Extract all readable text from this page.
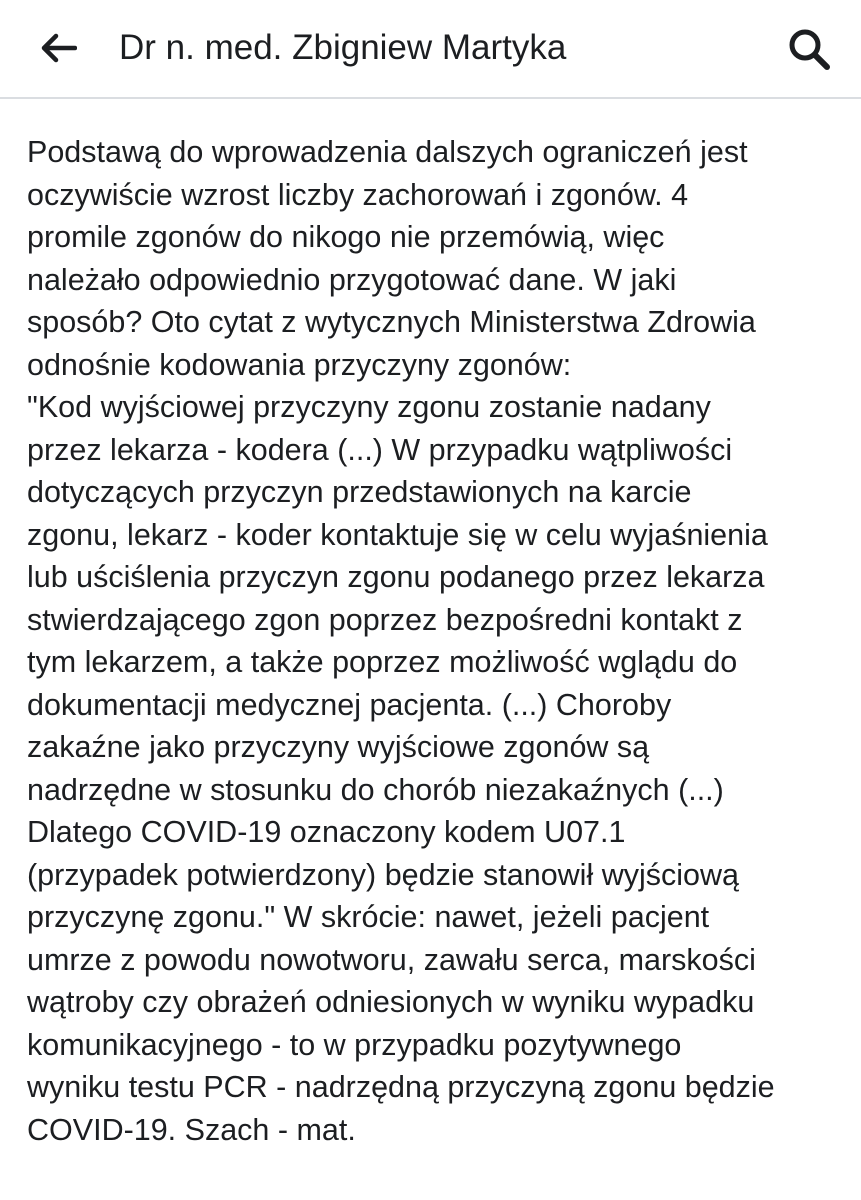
Dr n. med. Zbigniew Martyka
Podstawą do wprowadzenia dalszych ograniczeń jest
oczywiście wzrost liczby zachorowań i zgonów. 4
promile zgonów do nikogo nie przemówią, więc
należało odpowiednio przygotować dane. W jaki
sposób? Oto cytat z wytycznych Ministerstwa Zdrowia
odnośnie kodowania przyczyny zgonów:
"Kod wyjściowej przyczyny zgonu zostanie nadany
przez lekarza - kodera (...) W przypadku wątpliwości
dotyczących przyczyn przedstawionych na karcie
zgonu, lekarz - koder kontaktuje się w celu wyjaśnienia
lub uściślenia przyczyn zgonu podanego przez lekarza
stwierdzającego zgon poprzez bezpośredni kontakt z
tym lekarzem, a także poprzez możliwość wglądu do
dokumentacji medycznej pacjenta. (...) Choroby
zakaźne jako przyczyny wyjściowe zgonów są
nadrzędne w stosunku do chorób niezakaźnych (...)
Dlatego COVID-19 oznaczony kodem U07.1
(przypadek potwierdzony) będzie stanowił wyjściową
przyczynę zgonu." W skrócie: nawet, jeżeli pacjent
umrze z powodu nowotworu, zawału serca, marskości
wątroby czy obrażeń odniesionych w wyniku wypadku
komunikacyjnego - to w przypadku pozytywnego
wyniku testu PCR - nadrzędną przyczyną zgonu będzie
COVID-19. Szach - mat.
